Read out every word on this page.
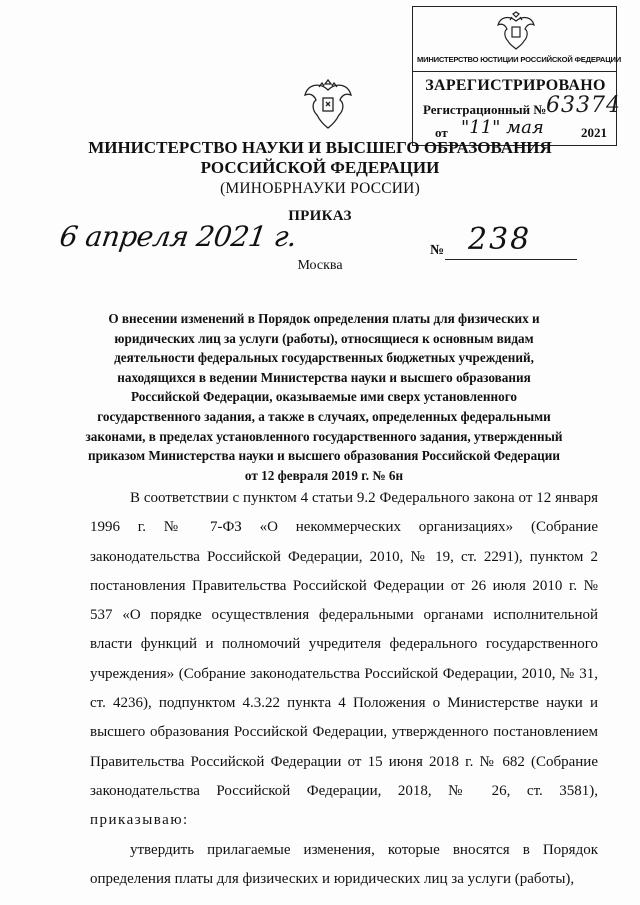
МИНИСТЕРСТВО ЮСТИЦИИ РОССИЙСКОЙ ФЕДЕРАЦИИ
ЗАРЕГИСТРИРОВАНО
Регистрационный № 63374
от "11" мая	2021
МИНИСТЕРСТВО НАУКИ И ВЫСШЕГО ОБРАЗОВАНИЯ
РОССИЙСКОЙ ФЕДЕРАЦИИ
(МИНОБРНАУКИ РОССИИ)
ПРИКАЗ
6 апреля 2021 г.	№ 238
Москва
О внесении изменений в Порядок определения платы для физических и юридических лиц за услуги (работы), относящиеся к основным видам деятельности федеральных государственных бюджетных учреждений, находящихся в ведении Министерства науки и высшего образования Российской Федерации, оказываемые ими сверх установленного государственного задания, а также в случаях, определенных федеральными законами, в пределах установленного государственного задания, утвержденный приказом Министерства науки и высшего образования Российской Федерации от 12 февраля 2019 г. № 6н

В соответствии с пунктом 4 статьи 9.2 Федерального закона от 12 января 1996 г. № 7-ФЗ «О некоммерческих организациях» (Собрание законодательства Российской Федерации, 2010, № 19, ст. 2291), пунктом 2 постановления Правительства Российской Федерации от 26 июля 2010 г. № 537 «О порядке осуществления федеральными органами исполнительной власти функций и полномочий учредителя федерального государственного учреждения» (Собрание законодательства Российской Федерации, 2010, № 31, ст. 4236), подпунктом 4.3.22 пункта 4 Положения о Министерстве науки и высшего образования Российской Федерации, утвержденного постановлением Правительства Российской Федерации от 15 июня 2018 г. № 682 (Собрание законодательства Российской Федерации, 2018, № 26, ст. 3581), приказываю:

утвердить прилагаемые изменения, которые вносятся в Порядок определения платы для физических и юридических лиц за услуги (работы),
